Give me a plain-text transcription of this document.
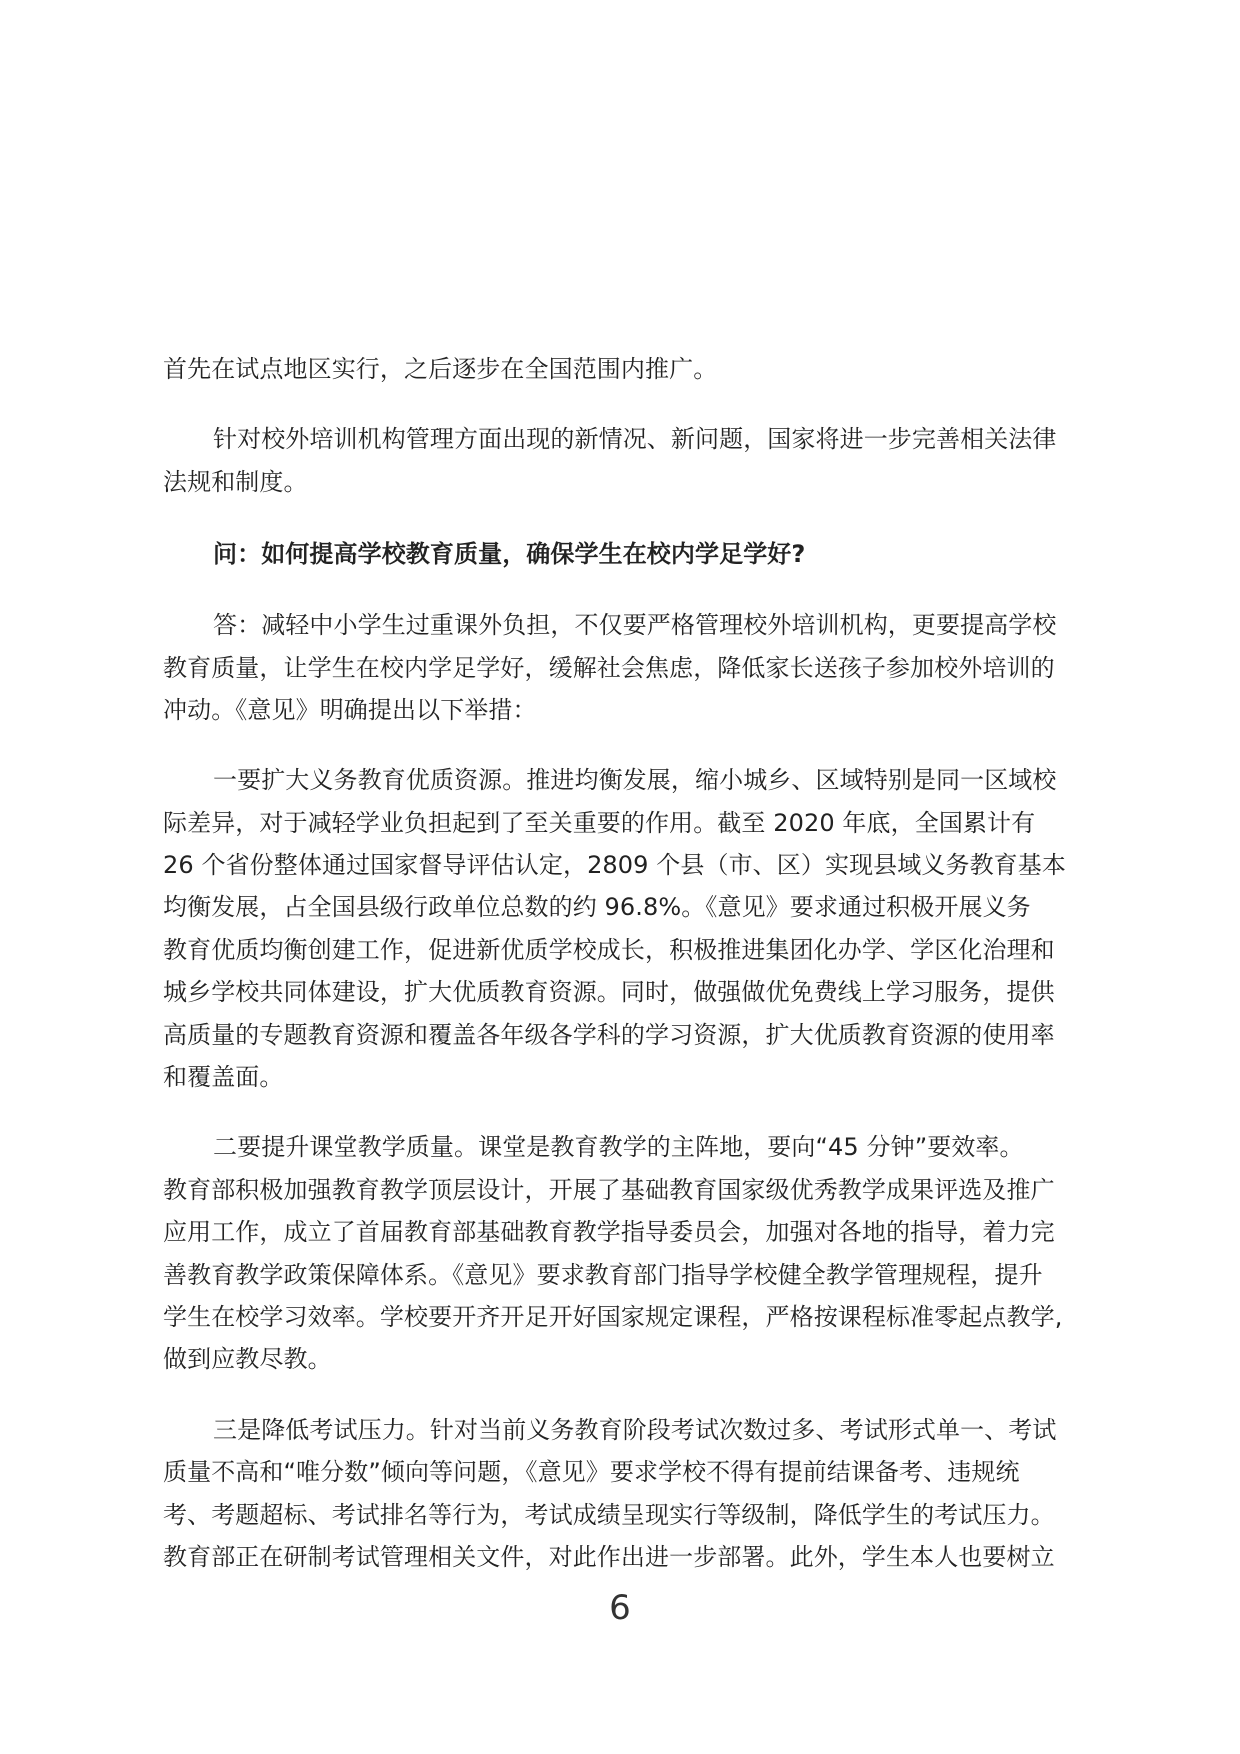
首先在试点地区实行，之后逐步在全国范围内推广。
针对校外培训机构管理方面出现的新情况、新问题，国家将进一步完善相关法律
法规和制度。
问：如何提高学校教育质量，确保学生在校内学足学好?
答：减轻中小学生过重课外负担，不仅要严格管理校外培训机构，更要提高学校
教育质量，让学生在校内学足学好，缓解社会焦虑，降低家长送孩子参加校外培训的
冲动。《意见》明确提出以下举措：
一要扩大义务教育优质资源。推进均衡发展，缩小城乡、区域特别是同一区域校
际差异，对于减轻学业负担起到了至关重要的作用。截至 2020 年底，全国累计有
26 个省份整体通过国家督导评估认定，2809 个县（市、区）实现县域义务教育基本
均衡发展，占全国县级行政单位总数的约 96.8%。《意见》要求通过积极开展义务
教育优质均衡创建工作，促进新优质学校成长，积极推进集团化办学、学区化治理和
城乡学校共同体建设，扩大优质教育资源。同时，做强做优免费线上学习服务，提供
高质量的专题教育资源和覆盖各年级各学科的学习资源，扩大优质教育资源的使用率
和覆盖面。
二要提升课堂教学质量。课堂是教育教学的主阵地，要向“45 分钟”要效率。
教育部积极加强教育教学顶层设计，开展了基础教育国家级优秀教学成果评选及推广
应用工作，成立了首届教育部基础教育教学指导委员会，加强对各地的指导，着力完
善教育教学政策保障体系。《意见》要求教育部门指导学校健全教学管理规程，提升
学生在校学习效率。学校要开齐开足开好国家规定课程，严格按课程标准零起点教学,
做到应教尽教。
三是降低考试压力。针对当前义务教育阶段考试次数过多、考试形式单一、考试
质量不高和“唯分数”倾向等问题，《意见》要求学校不得有提前结课备考、违规统
考、考题超标、考试排名等行为，考试成绩呈现实行等级制，降低学生的考试压力。
教育部正在研制考试管理相关文件，对此作出进一步部署。此外，学生本人也要树立
6
